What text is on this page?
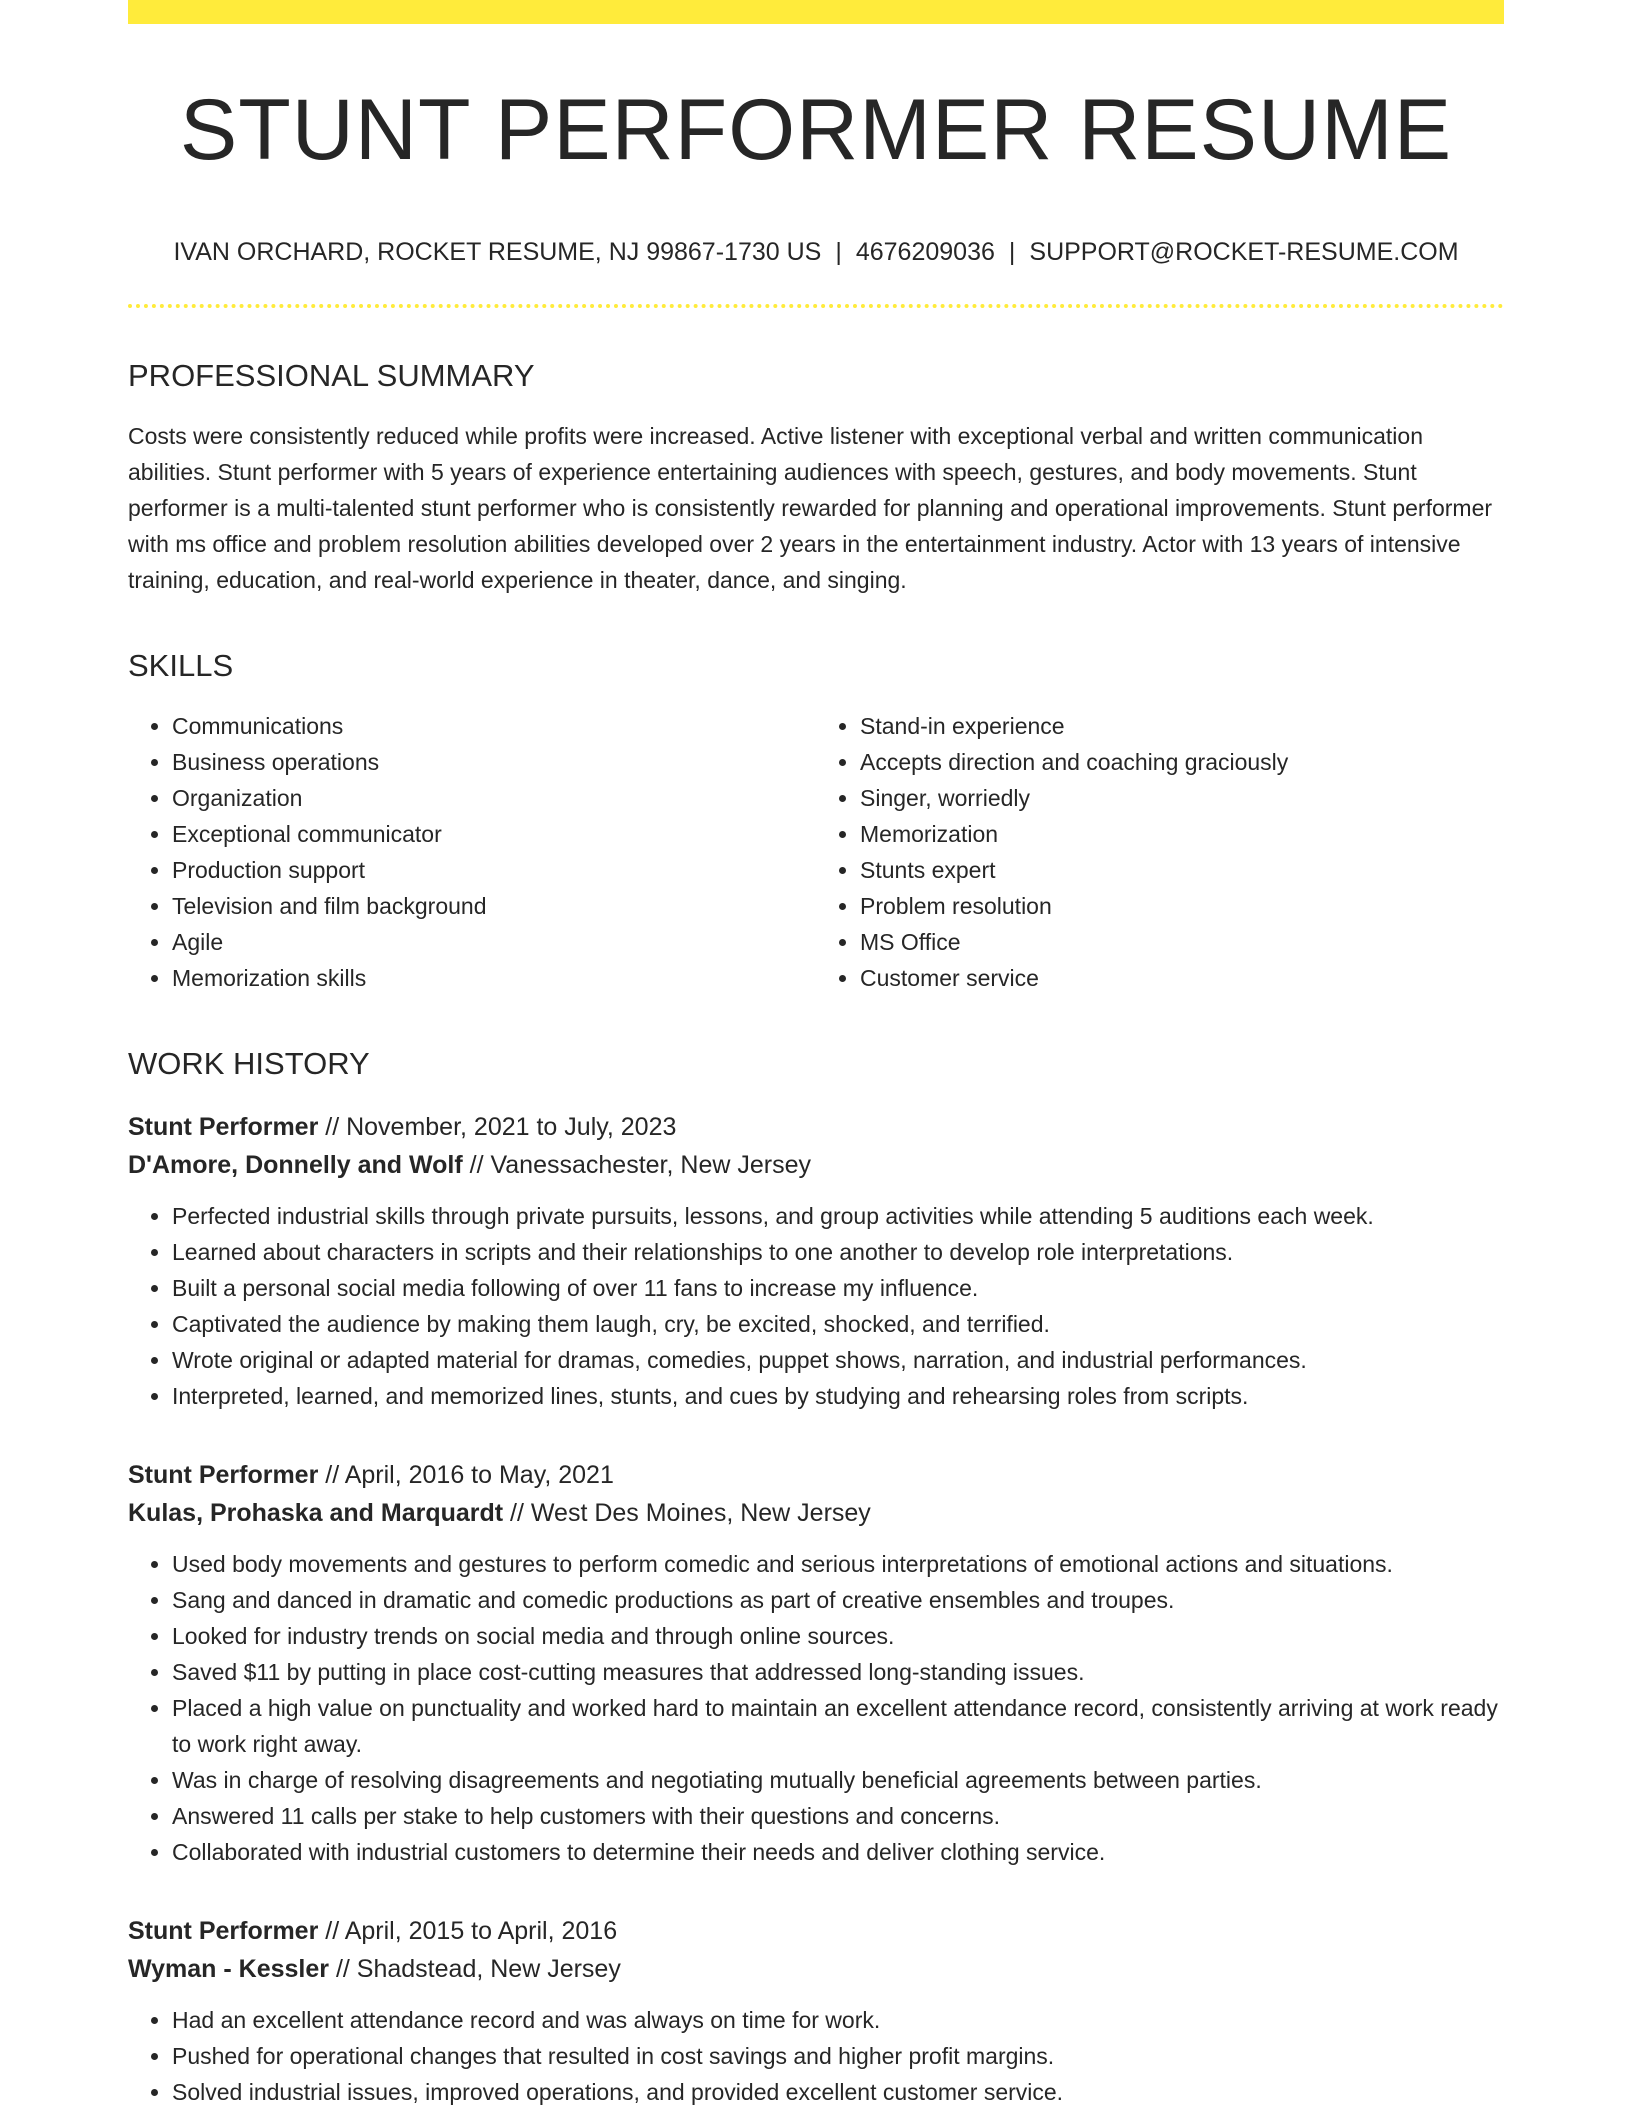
STUNT PERFORMER RESUME
IVAN ORCHARD, ROCKET RESUME, NJ 99867-1730 US | 4676209036 | SUPPORT@ROCKET-RESUME.COM
PROFESSIONAL SUMMARY
Costs were consistently reduced while profits were increased. Active listener with exceptional verbal and written communication abilities. Stunt performer with 5 years of experience entertaining audiences with speech, gestures, and body movements. Stunt performer is a multi-talented stunt performer who is consistently rewarded for planning and operational improvements. Stunt performer with ms office and problem resolution abilities developed over 2 years in the entertainment industry. Actor with 13 years of intensive training, education, and real-world experience in theater, dance, and singing.
SKILLS
• Communications
• Business operations
• Organization
• Exceptional communicator
• Production support
• Television and film background
• Agile
• Memorization skills
• Stand-in experience
• Accepts direction and coaching graciously
• Singer, worriedly
• Memorization
• Stunts expert
• Problem resolution
• MS Office
• Customer service
WORK HISTORY
Stunt Performer // November, 2021 to July, 2023
D'Amore, Donnelly and Wolf // Vanessachester, New Jersey
• Perfected industrial skills through private pursuits, lessons, and group activities while attending 5 auditions each week.
• Learned about characters in scripts and their relationships to one another to develop role interpretations.
• Built a personal social media following of over 11 fans to increase my influence.
• Captivated the audience by making them laugh, cry, be excited, shocked, and terrified.
• Wrote original or adapted material for dramas, comedies, puppet shows, narration, and industrial performances.
• Interpreted, learned, and memorized lines, stunts, and cues by studying and rehearsing roles from scripts.
Stunt Performer // April, 2016 to May, 2021
Kulas, Prohaska and Marquardt // West Des Moines, New Jersey
• Used body movements and gestures to perform comedic and serious interpretations of emotional actions and situations.
• Sang and danced in dramatic and comedic productions as part of creative ensembles and troupes.
• Looked for industry trends on social media and through online sources.
• Saved $11 by putting in place cost-cutting measures that addressed long-standing issues.
• Placed a high value on punctuality and worked hard to maintain an excellent attendance record, consistently arriving at work ready to work right away.
• Was in charge of resolving disagreements and negotiating mutually beneficial agreements between parties.
• Answered 11 calls per stake to help customers with their questions and concerns.
• Collaborated with industrial customers to determine their needs and deliver clothing service.
Stunt Performer // April, 2015 to April, 2016
Wyman - Kessler // Shadstead, New Jersey
• Had an excellent attendance record and was always on time for work.
• Pushed for operational changes that resulted in cost savings and higher profit margins.
• Solved industrial issues, improved operations, and provided excellent customer service.
